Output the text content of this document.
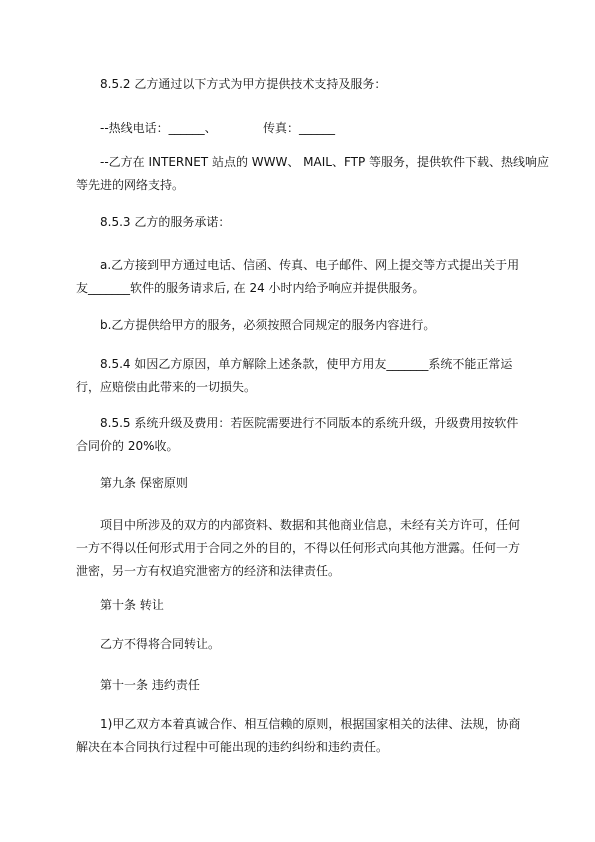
8.5.2 乙方通过以下方式为甲方提供技术支持及服务：

--热线电话：______、	传真：______

--乙方在 INTERNET 站点的 WWW、 MAIL、FTP 等服务，提供软件下载、热线响应
等先进的网络支持。

8.5.3 乙方的服务承诺：

a.乙方接到甲方通过电话、信函、传真、电子邮件、网上提交等方式提出关于用
友_______软件的服务请求后, 在 24 小时内给予响应并提供服务。

b.乙方提供给甲方的服务，必须按照合同规定的服务内容进行。

8.5.4 如因乙方原因，单方解除上述条款，使甲方用友_______系统不能正常运
行，应赔偿由此带来的一切损失。

8.5.5 系统升级及费用：若医院需要进行不同版本的系统升级，升级费用按软件
合同价的 20%收。

第九条 保密原则

项目中所涉及的双方的内部资料、数据和其他商业信息，未经有关方许可，任何
一方不得以任何形式用于合同之外的目的，不得以任何形式向其他方泄露。任何一方
泄密，另一方有权追究泄密方的经济和法律责任。

第十条 转让

乙方不得将合同转让。

第十一条 违约责任

1)甲乙双方本着真诚合作、相互信赖的原则，根据国家相关的法律、法规，协商
解决在本合同执行过程中可能出现的违约纠纷和违约责任。
